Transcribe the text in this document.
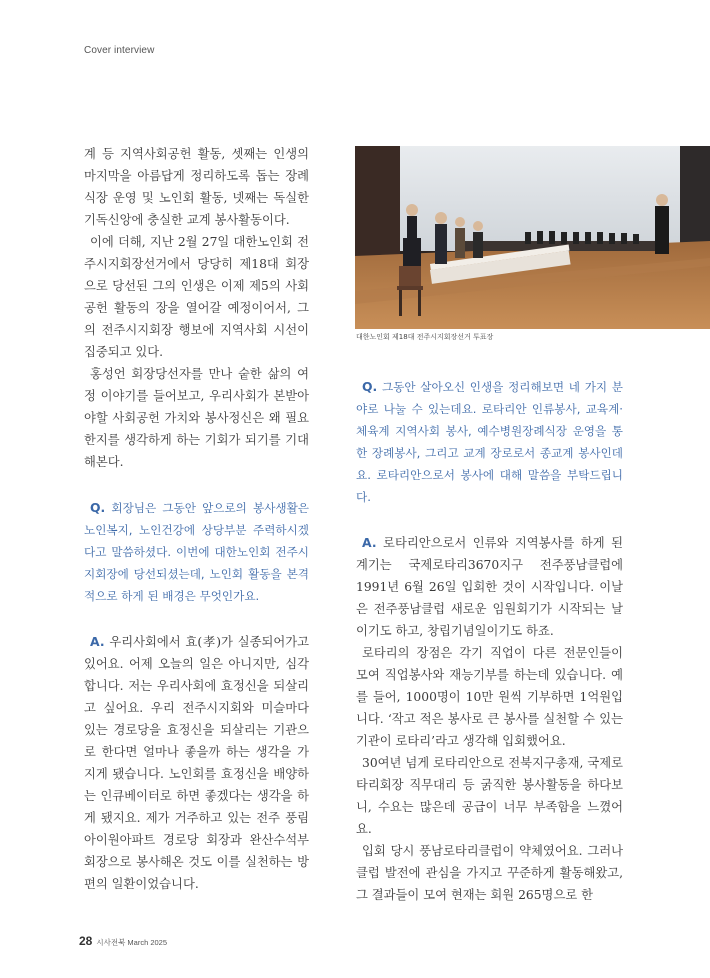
Cover interview

계 등 지역사회공헌 활동, 셋째는 인생의 마지막을 아름답게 정리하도록 돕는 장례식장 운영 및 노인회 활동, 넷째는 독실한 기독신앙에 충실한 교계 봉사활동이다.

이에 더해, 지난 2월 27일 대한노인회 전주시지회장선거에서 당당히 제18대 회장으로 당선된 그의 인생은 이제 제5의 사회공헌 활동의 장을 열어갈 예정이어서, 그의 전주시지회장 행보에 지역사회 시선이 집중되고 있다.

홍성언 회장당선자를 만나 숱한 삶의 여정 이야기를 들어보고, 우리사회가 본받아야할 사회공헌 가치와 봉사정신은 왜 필요한지를 생각하게 하는 기회가 되기를 기대해본다.

Q. 회장님은 그동안 앞으로의 봉사생활은 노인복지, 노인건강에 상당부분 주력하시겠다고 말씀하셨다. 이번에 대한노인회 전주시지회장에 당선되셨는데, 노인회 활동을 본격적으로 하게 된 배경은 무엇인가요.

A. 우리사회에서 효(孝)가 실종되어가고 있어요. 어제 오늘의 일은 아니지만, 심각합니다. 저는 우리사회에 효정신을 되살리고 싶어요. 우리 전주시지회와 미슬마다 있는 경로당을 효정신을 되살리는 기관으로 한다면 얼마나 좋을까 하는 생각을 가지게 됐습니다. 노인회를 효정신을 배양하는 인큐베이터로 하면 좋겠다는 생각을 하게 됐지요. 제가 거주하고 있는 전주 풍림아이원아파트 경로당 회장과 완산수석부회장으로 봉사해온 것도 이를 실천하는 방편의 일환이었습니다.

대한노인회 제18대 전주시지회장선거 투표장

Q. 그동안 살아오신 인생을 정리해보면 네 가지 분야로 나눌 수 있는데요. 로타리안 인류봉사, 교육계·체육계 지역사회 봉사, 예수병원장례식장 운영을 통한 장례봉사, 그리고 교계 장로로서 종교계 봉사인데요. 로타리안으로서 봉사에 대해 말씀을 부탁드립니다.

A. 로타리안으로서 인류와 지역봉사를 하게 된 계기는 국제로타리3670지구 전주풍남클럽에 1991년 6월 26일 입회한 것이 시작입니다. 이날은 전주풍남클럽 새로운 임원회기가 시작되는 날이기도 하고, 창립기념일이기도 하죠.

로타리의 장점은 각기 직업이 다른 전문인들이 모여 직업봉사와 재능기부를 하는데 있습니다. 예를 들어, 1000명이 10만 원씩 기부하면 1억원입니다. ‘작고 적은 봉사로 큰 봉사를 실천할 수 있는 기관이 로타리’라고 생각해 입회했어요.

30여년 넘게 로타리안으로 전북지구총재, 국제로타리회장 직무대리 등 굵직한 봉사활동을 하다보니, 수요는 많은데 공급이 너무 부족함을 느꼈어요.

입회 당시 풍남로타리클럽이 약체였어요. 그러나 클럽 발전에 관심을 가지고 꾸준하게 활동해왔고, 그 결과들이 모여 현재는 회원 265명으로 한

28 시사전북 March 2025
